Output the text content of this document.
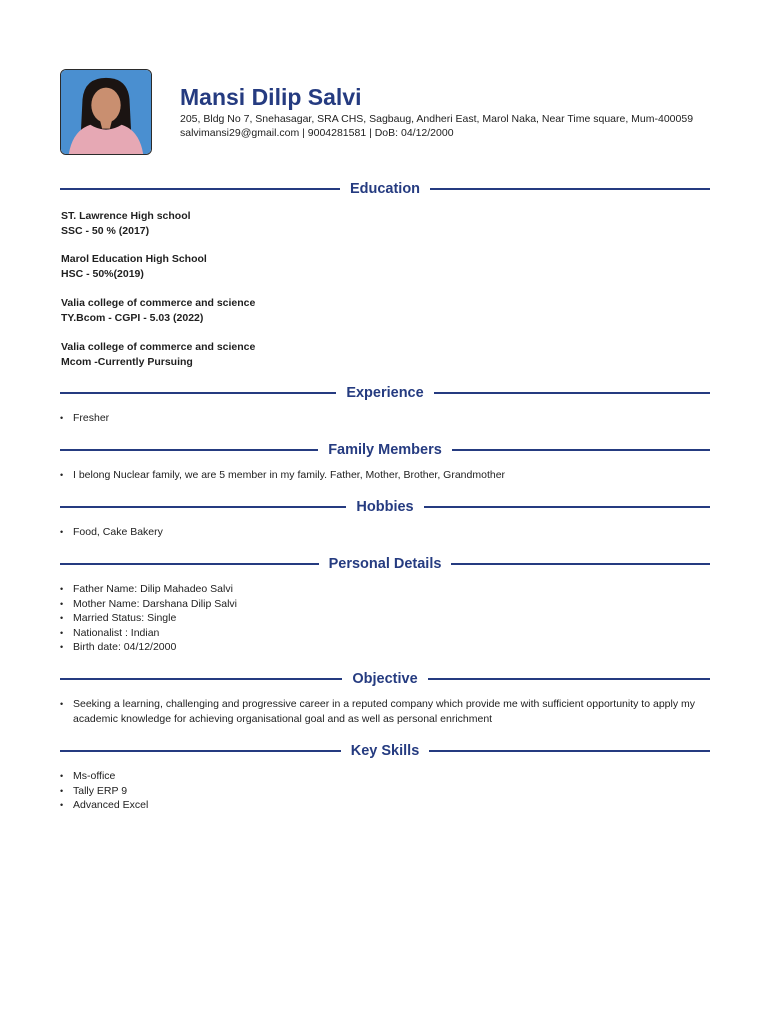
Mansi Dilip Salvi
205, Bldg No 7, Snehasagar, SRA CHS, Sagbaug, Andheri East, Marol Naka, Near Time square, Mum-400059
salvimansi29@gmail.com | 9004281581 | DoB: 04/12/2000
Education
ST. Lawrence High school
SSC - 50 % (2017)
Marol Education High School
HSC - 50%(2019)
Valia college of commerce and science
TY.Bcom - CGPI - 5.03 (2022)
Valia college of commerce and science
Mcom -Currently Pursuing
Experience
• Fresher
Family Members
• I belong Nuclear family, we are 5 member in my family. Father, Mother, Brother, Grandmother
Hobbies
• Food, Cake Bakery
Personal Details
• Father Name: Dilip Mahadeo Salvi
• Mother Name: Darshana Dilip Salvi
• Married Status: Single
• Nationalist : Indian
• Birth date: 04/12/2000
Objective
• Seeking a learning, challenging and progressive career in a reputed company which provide me with sufficient opportunity to apply my academic knowledge for achieving organisational goal and as well as personal enrichment
Key Skills
• Ms-office
• Tally ERP 9
• Advanced Excel
